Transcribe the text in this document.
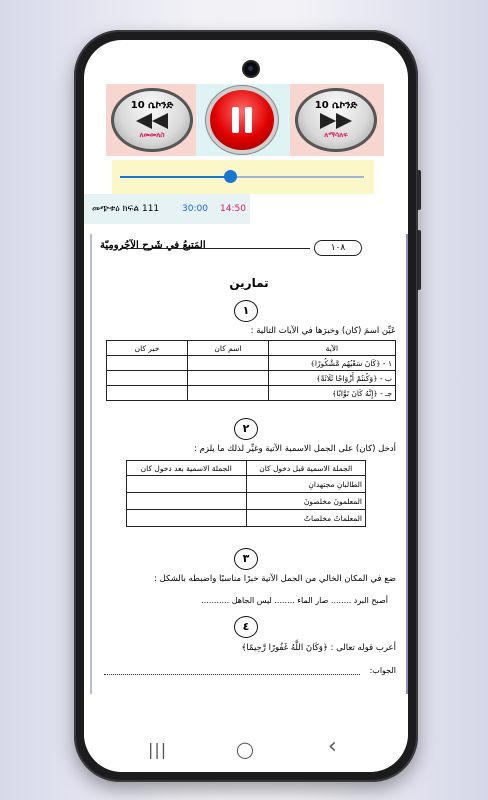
10 ሴኮንድ
ለመመለስ
10 ሴኮንድ
ለማሳለፍ
መጭቱዕ ክፍል 111	30:00 14:50
المَتبعُ في شَرح الآجُرومِيّة	١٠٨
تمارين
١
عَيِّن اسمَ (كان) وخبرَها في الآيات التالية :
الآية	اسم كان	خبر كان
١ - ﴿كَانَ سَعْيُهُم مَّشْكُورًا﴾		
ب - ﴿وَكُنتُمْ أَزْوَاجًا ثَلَاثَةً﴾		
جـ - ﴿إِنَّهُ كَانَ تَوَّابًا﴾		
٢
أدخل (كان) على الجمل الاسمية الآتية وغيِّر لذلك ما يلزم :
الجملة الاسمية قبل دخول كان	الجملة الاسمية بعد دخول كان
الطالبانِ مجتهدانِ	
المعلمونَ مخلصونَ	
المعلماتُ مخلصاتٌ	
٣
ضع في المكان الخالي من الجمل الآتية خبرًا مناسبًا واضبطه بالشكل :
أصبح البرد ........ صار الماء ........ ليس الجاهل ...........
٤
أعرب قوله تعالى : ﴿وَكَانَ اللَّهُ غَفُورًا رَّحِيمًا﴾
الجواب:
|||	◯	‹
